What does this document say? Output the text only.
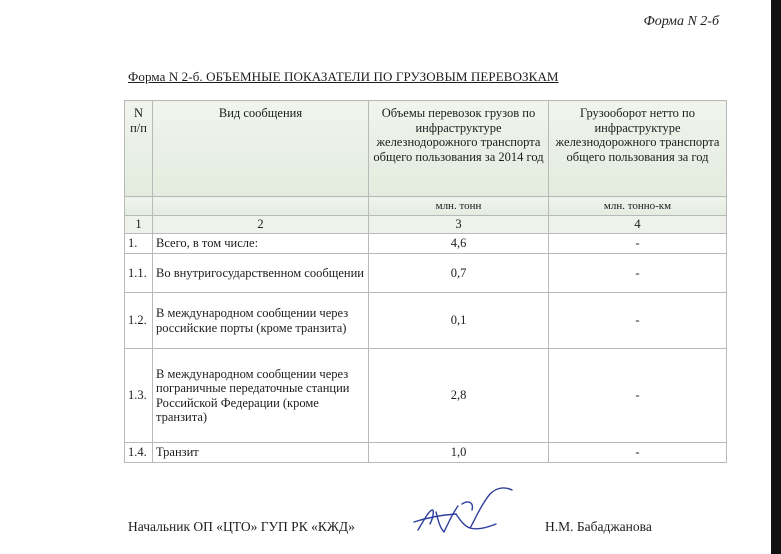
Форма N 2-б
Форма N 2-б. ОБЪЕМНЫЕ ПОКАЗАТЕЛИ ПО ГРУЗОВЫМ ПЕРЕВОЗКАМ
N п/п	Вид сообщения	Объемы перевозок грузов по инфраструктуре железнодорожного транспорта общего пользования за 2014 год	Грузооборот нетто по инфраструктуре железнодорожного транспорта общего пользования за год
		млн. тонн	млн. тонно-км
1	2	3	4
1.	Всего, в том числе:	4,6	-
1.1.	Во внутригосударственном сообщении	0,7	-
1.2.	В международном сообщении через российские порты (кроме транзита)	0,1	-
1.3.	В международном сообщении через пограничные передаточные станции Российской Федерации (кроме транзита)	2,8	-
1.4.	Транзит	1,0	-
Начальник ОП «ЦТО» ГУП РК «КЖД»	Н.М. Бабаджанова
